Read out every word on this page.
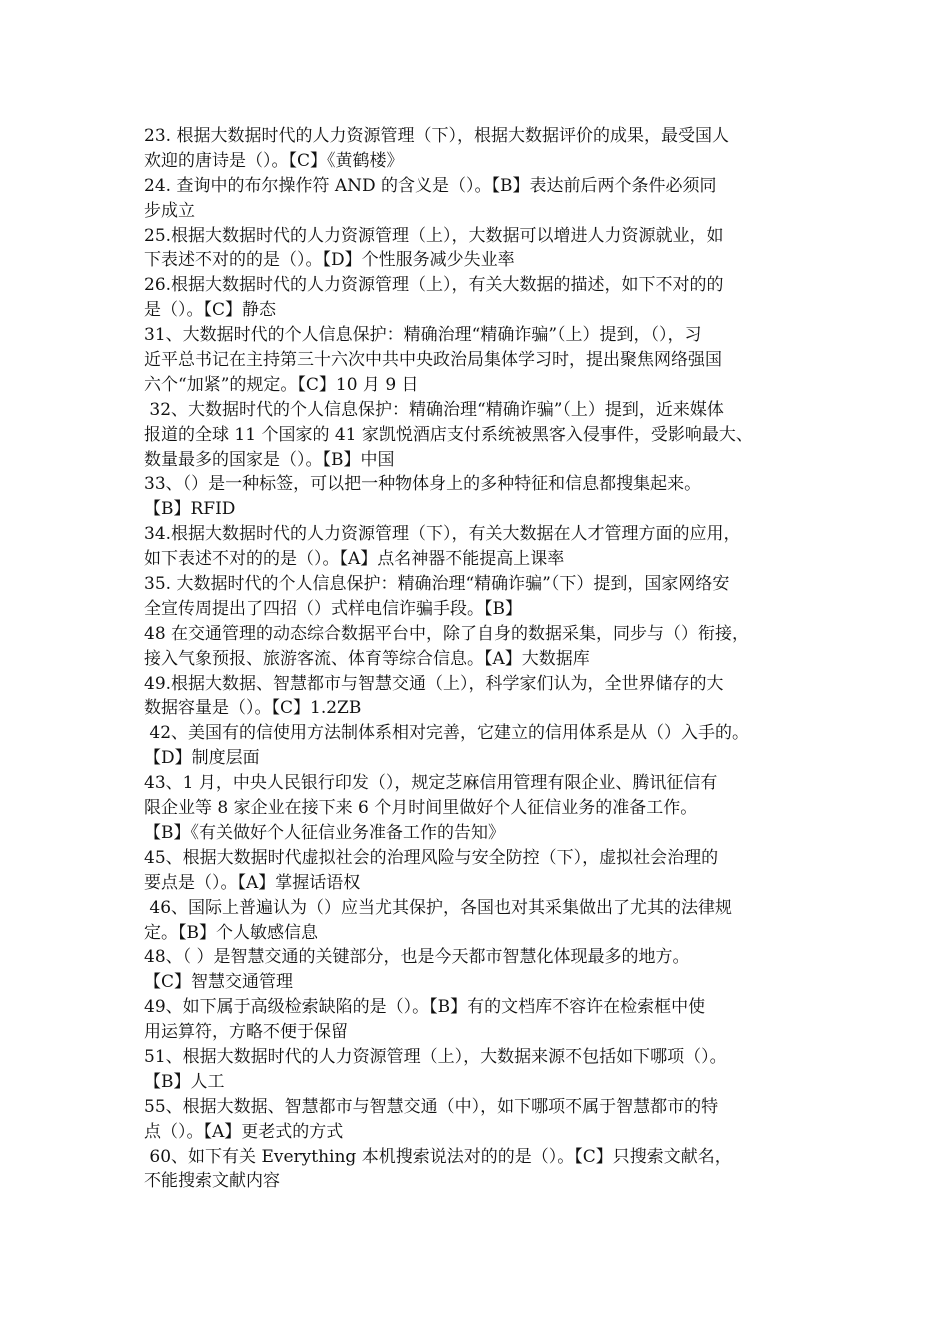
23. 根据大数据时代的人力资源管理（下），根据大数据评价的成果，最受国人
欢迎的唐诗是（）。【C】《黄鹤楼》
24. 查询中的布尔操作符 AND 的含义是（）。【B】表达前后两个条件必须同
步成立
25.根据大数据时代的人力资源管理（上），大数据可以增进人力资源就业，如
下表述不对的的是（）。【D】个性服务减少失业率
26.根据大数据时代的人力资源管理（上），有关大数据的描述，如下不对的的
是（）。【C】静态
31、大数据时代的个人信息保护：精确治理“精确诈骗”（上）提到，（），习
近平总书记在主持第三十六次中共中央政治局集体学习时，提出聚焦网络强国
六个“加紧”的规定。【C】10 月 9 日
32、大数据时代的个人信息保护：精确治理“精确诈骗”（上）提到，近来媒体
报道的全球 11 个国家的 41 家凯悦酒店支付系统被黑客入侵事件，受影响最大、
数量最多的国家是（）。【B】中国
33、（）是一种标签，可以把一种物体身上的多种特征和信息都搜集起来。
【B】RFID
34.根据大数据时代的人力资源管理（下），有关大数据在人才管理方面的应用，
如下表述不对的的是（）。【A】点名神器不能提高上课率
35. 大数据时代的个人信息保护：精确治理“精确诈骗”（下）提到，国家网络安
全宣传周提出了四招（）式样电信诈骗手段。【B】
48 在交通管理的动态综合数据平台中，除了自身的数据采集，同步与（）衔接，
接入气象预报、旅游客流、体育等综合信息。【A】大数据库
49.根据大数据、智慧都市与智慧交通（上），科学家们认为，全世界储存的大
数据容量是（）。【C】1.2ZB
42、美国有的信使用方法制体系相对完善，它建立的信用体系是从（）入手的。
【D】制度层面
43、1 月，中央人民银行印发（），规定芝麻信用管理有限企业、腾讯征信有
限企业等 8 家企业在接下来 6 个月时间里做好个人征信业务的准备工作。
【B】《有关做好个人征信业务准备工作的告知》
45、根据大数据时代虚拟社会的治理风险与安全防控（下），虚拟社会治理的
要点是（）。【A】掌握话语权
46、国际上普遍认为（）应当尤其保护，各国也对其采集做出了尤其的法律规
定。【B】个人敏感信息
48、（ ）是智慧交通的关键部分，也是今天都市智慧化体现最多的地方。
【C】智慧交通管理
49、如下属于高级检索缺陷的是（）。【B】有的文档库不容许在检索框中使
用运算符，方略不便于保留
51、根据大数据时代的人力资源管理（上），大数据来源不包括如下哪项（）。
【B】人工
55、根据大数据、智慧都市与智慧交通（中），如下哪项不属于智慧都市的特
点（）。【A】更老式的方式
60、如下有关 Everything 本机搜索说法对的的是（）。【C】只搜索文献名，
不能搜索文献内容
